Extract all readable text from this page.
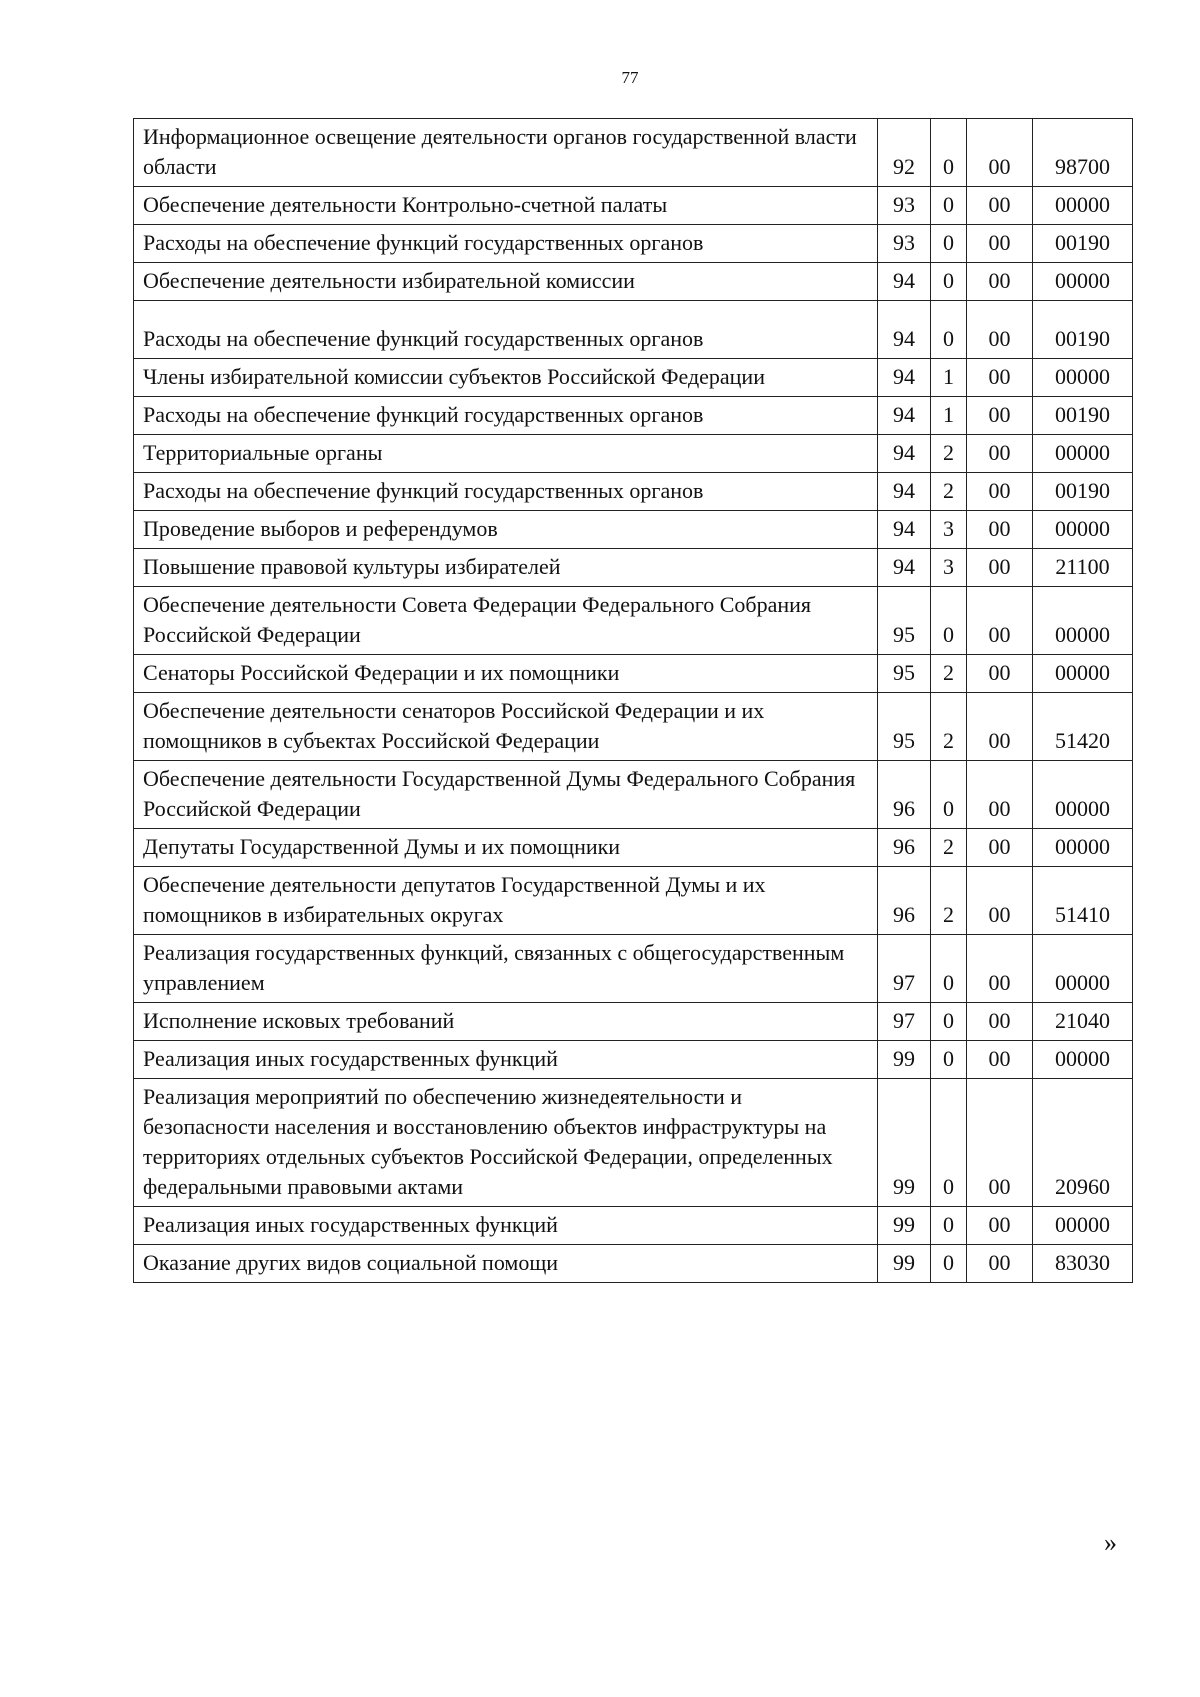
77
Информационное освещение деятельности органов государственной власти области	92	0	00	98700
Обеспечение деятельности Контрольно-счетной палаты	93	0	00	00000
Расходы на обеспечение функций государственных органов	93	0	00	00190
Обеспечение деятельности избирательной комиссии	94	0	00	00000
Расходы на обеспечение функций государственных органов	94	0	00	00190
Члены избирательной комиссии субъектов Российской Федерации	94	1	00	00000
Расходы на обеспечение функций государственных органов	94	1	00	00190
Территориальные органы	94	2	00	00000
Расходы на обеспечение функций государственных органов	94	2	00	00190
Проведение выборов и референдумов	94	3	00	00000
Повышение правовой культуры избирателей	94	3	00	21100
Обеспечение деятельности Совета Федерации Федерального Собрания Российской Федерации	95	0	00	00000
Сенаторы Российской Федерации и их помощники	95	2	00	00000
Обеспечение деятельности сенаторов Российской Федерации и их помощников в субъектах Российской Федерации	95	2	00	51420
Обеспечение деятельности Государственной Думы Федерального Собрания Российской Федерации	96	0	00	00000
Депутаты Государственной Думы и их помощники	96	2	00	00000
Обеспечение деятельности депутатов Государственной Думы и их помощников в избирательных округах	96	2	00	51410
Реализация государственных функций, связанных с общегосударственным управлением	97	0	00	00000
Исполнение исковых требований	97	0	00	21040
Реализация иных государственных функций	99	0	00	00000
Реализация мероприятий по обеспечению жизнедеятельности и безопасности населения и восстановлению объектов инфраструктуры на территориях отдельных субъектов Российской Федерации, определенных федеральными правовыми актами	99	0	00	20960
Реализация иных государственных функций	99	0	00	00000
Оказание других видов социальной помощи	99	0	00	83030
»
